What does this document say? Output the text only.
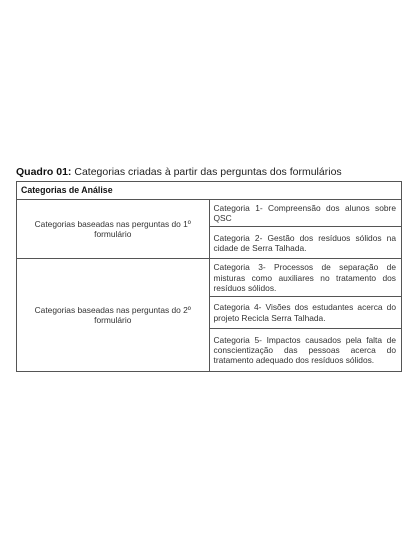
Quadro 01: Categorias criadas à partir das perguntas dos formulários
Categorias de Análise	
Categorias baseadas nas perguntas do 1º formulário	Categoria 1- Compreensão dos alunos sobre QSC
	Categoria 2- Gestão dos resíduos sólidos na cidade de Serra Talhada.
Categorias baseadas nas perguntas do 2º formulário	Categoria 3- Processos de separação de misturas como auxiliares no tratamento dos resíduos sólidos.
	Categoria 4- Visões dos estudantes acerca do projeto Recicla Serra Talhada.
	Categoria 5- Impactos causados pela falta de conscientização das pessoas acerca do tratamento adequado dos resíduos sólidos.
